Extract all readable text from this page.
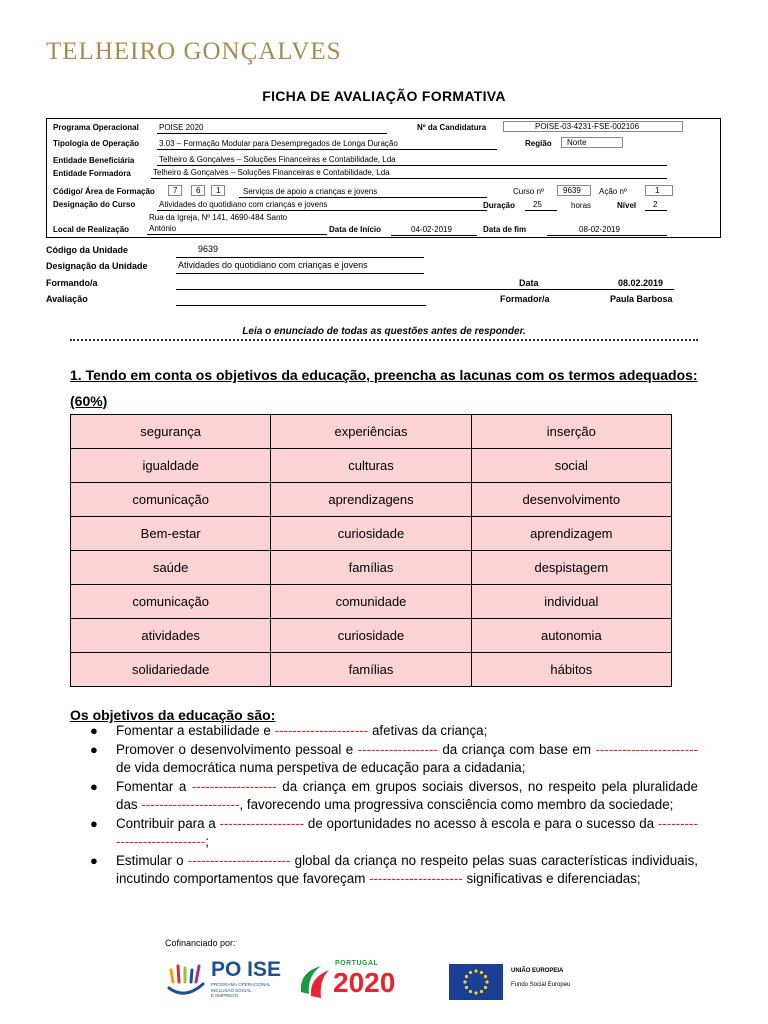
TELHEIRO GONÇALVES
FICHA DE AVALIAÇÃO FORMATIVA
Programa Operacional	POISE 2020	Nº da Candidatura	POISE-03-4231-FSE-002106
Tipologia de Operação 3.03 – Formação Modular para Desempregados de Longa Duração	Região Norte
Entidade Beneficiária	Telheiro & Gonçalves – Soluções Financeiras e Contabilidade, Lda
Entidade Formadora	Telheiro & Gonçalves – Soluções Financeiras e Contabilidade, Lda
Código/ Área de Formação 7 6 1	Serviços de apoio a crianças e jovens	Curso nº 9639 Ação nº	1
Designação do Curso	Atividades do quotidiano com crianças e jovens	Duração 25	horas	Nível 2
Rua da Igreja, Nº 141, 4690-484 Santo
Local de Realização António	Data de Início	04-02-2019	Data de fim	08-02-2019
Código da Unidade	9639
Designação da Unidade	Atividades do quotidiano com crianças e jovens
Formando/a	Data	08.02.2019
Avaliação	Formador/a	Paula Barbosa
Leia o enunciado de todas as questões antes de responder.
1. Tendo em conta os objetivos da educação, preencha as lacunas com os termos adequados: (60%)
segurança	experiências	inserção
igualdade	culturas	social
comunicação	aprendizagens	desenvolvimento
Bem-estar	curiosidade	aprendizagem
saúde	famílias	despistagem
comunicação	comunidade	individual
atividades	curiosidade	autonomia
solidariedade	famílias	hábitos
Os objetivos da educação são:
● Fomentar a estabilidade e --------------------- afetivas da criança;
● Promover o desenvolvimento pessoal e ------------------ da criança com base em ----------------------- de vida democrática numa perspetiva de educação para a cidadania;
● Fomentar a ------------------- da criança em grupos sociais diversos, no respeito pela pluralidade das ----------------------, favorecendo uma progressiva consciência como membro da sociedade;
● Contribuir para a ------------------- de oportunidades no acesso à escola e para o sucesso da -----------------------------;
● Estimular o ----------------------- global da criança no respeito pelas suas características individuais, incutindo comportamentos que favoreçam --------------------- significativas e diferenciadas;
Cofinanciado por:
PO ISE
PROGRAMA OPERACIONAL
INCLUSÃO SOCIAL
E EMPREGO
PORTUGAL
2020	UNIÃO EUROPEIA
Fundo Social Europeu
